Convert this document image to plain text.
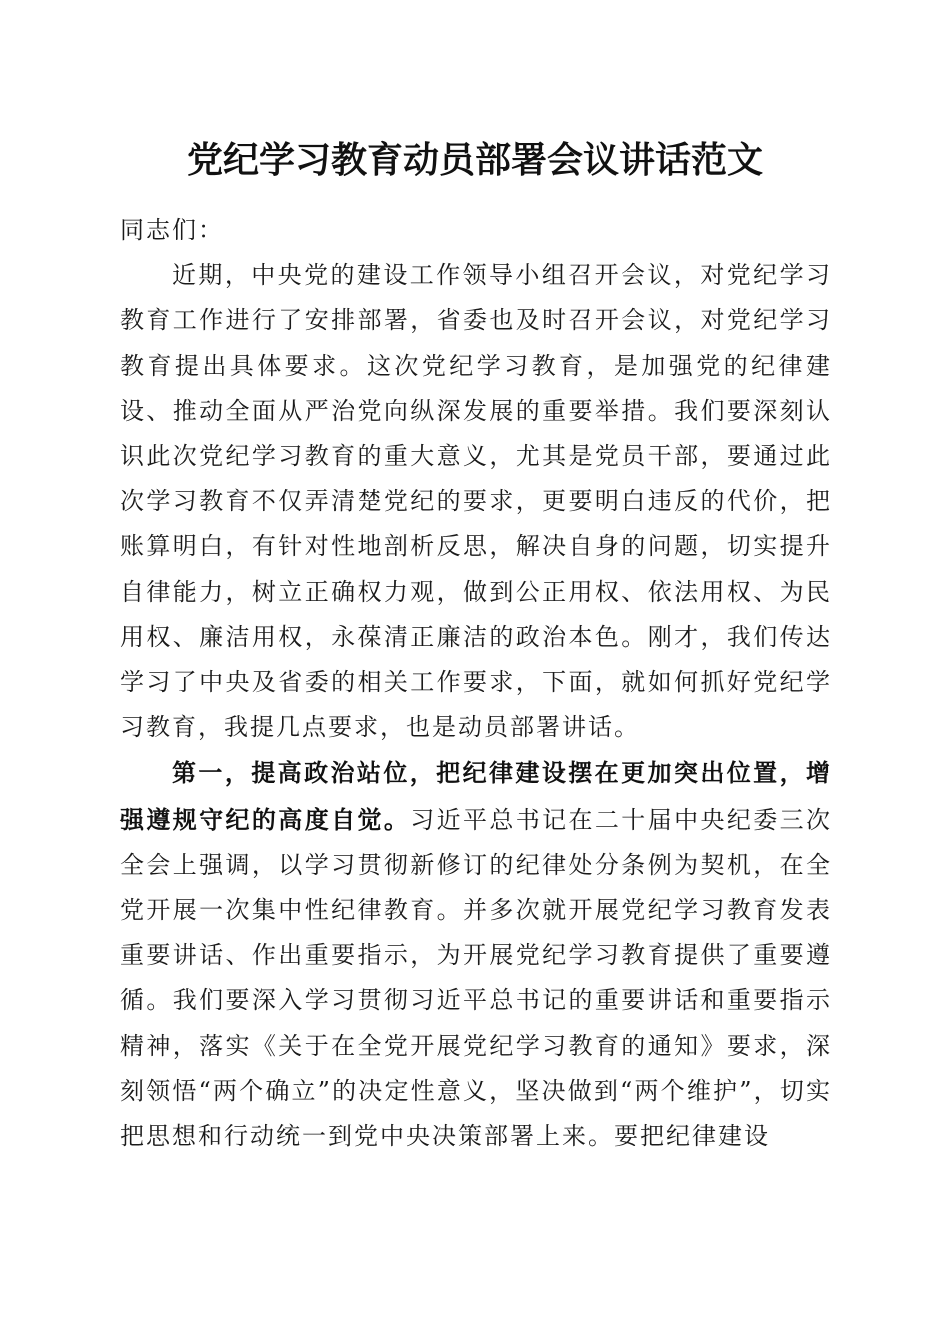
党纪学习教育动员部署会议讲话范文

同志们：

近期，中央党的建设工作领导小组召开会议，对党纪学习教育工作进行了安排部署，省委也及时召开会议，对党纪学习教育提出具体要求。这次党纪学习教育，是加强党的纪律建设、推动全面从严治党向纵深发展的重要举措。我们要深刻认识此次党纪学习教育的重大意义，尤其是党员干部，要通过此次学习教育不仅弄清楚党纪的要求，更要明白违反的代价，把账算明白，有针对性地剖析反思，解决自身的问题，切实提升自律能力，树立正确权力观，做到公正用权、依法用权、为民用权、廉洁用权，永葆清正廉洁的政治本色。刚才，我们传达学习了中央及省委的相关工作要求，下面，就如何抓好党纪学习教育，我提几点要求，也是动员部署讲话。

第一，提高政治站位，把纪律建设摆在更加突出位置，增强遵规守纪的高度自觉。习近平总书记在二十届中央纪委三次全会上强调，以学习贯彻新修订的纪律处分条例为契机，在全党开展一次集中性纪律教育。并多次就开展党纪学习教育发表重要讲话、作出重要指示，为开展党纪学习教育提供了重要遵循。我们要深入学习贯彻习近平总书记的重要讲话和重要指示精神，落实《关于在全党开展党纪学习教育的通知》要求，深刻领悟“两个确立”的决定性意义，坚决做到“两个维护”，切实把思想和行动统一到党中央决策部署上来。要把纪律建设
